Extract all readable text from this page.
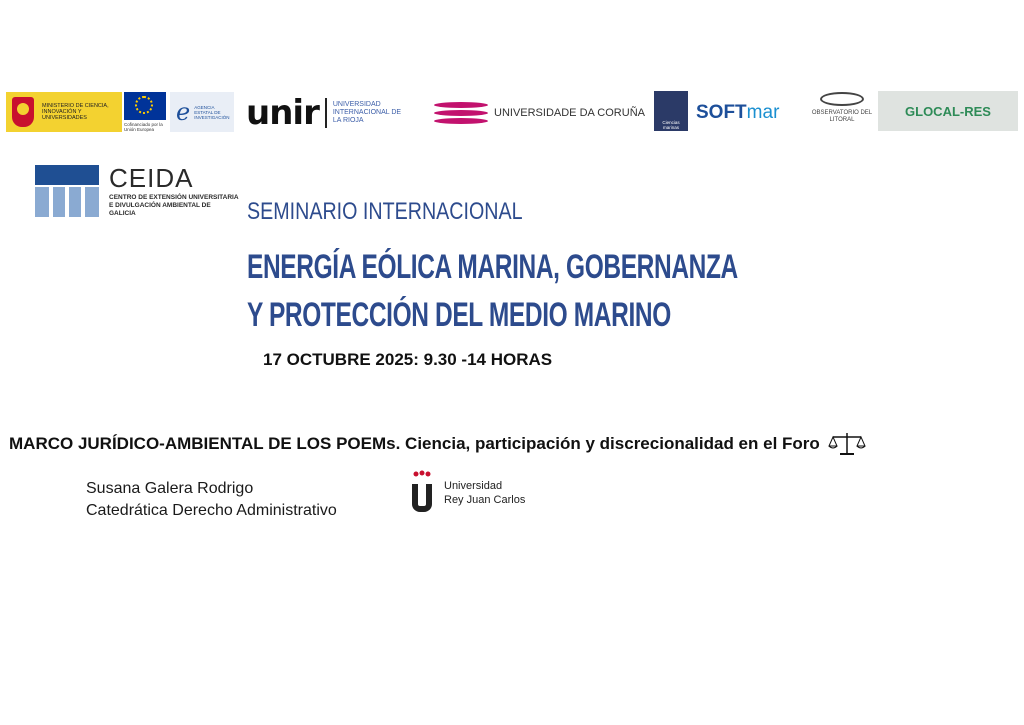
MINISTERIO DE CIENCIA, INNOVACIÓN Y UNIVERSIDADES
Cofinanciado por la Unión Europea
e AGENCIA ESTATAL DE INVESTIGACIÓN unir UNIVERSIDAD INTERNACIONAL DE LA RIOJA
UNIVERSIDADE DA CORUÑA
Ciencias marinas
SOFT mar	OBSERVATORIO DEL LITORAL
GLOCAL-RES
CEIDA
CENTRO DE EXTENSIÓN UNIVERSITARIA E DIVULGACIÓN AMBIENTAL DE GALICIA	SEMINARIO INTERNACIONAL
ENERGÍA EÓLICA MARINA, GOBERNANZA
Y PROTECCIÓN DEL MEDIO MARINO
17 OCTUBRE 2025: 9.30 -14 HORAS
MARCO JURÍDICO-AMBIENTAL DE LOS POEMs. Ciencia, participación y discrecionalidad en el Foro
Susana Galera Rodrigo
Catedrática Derecho Administrativo
Universidad
Rey Juan Carlos
